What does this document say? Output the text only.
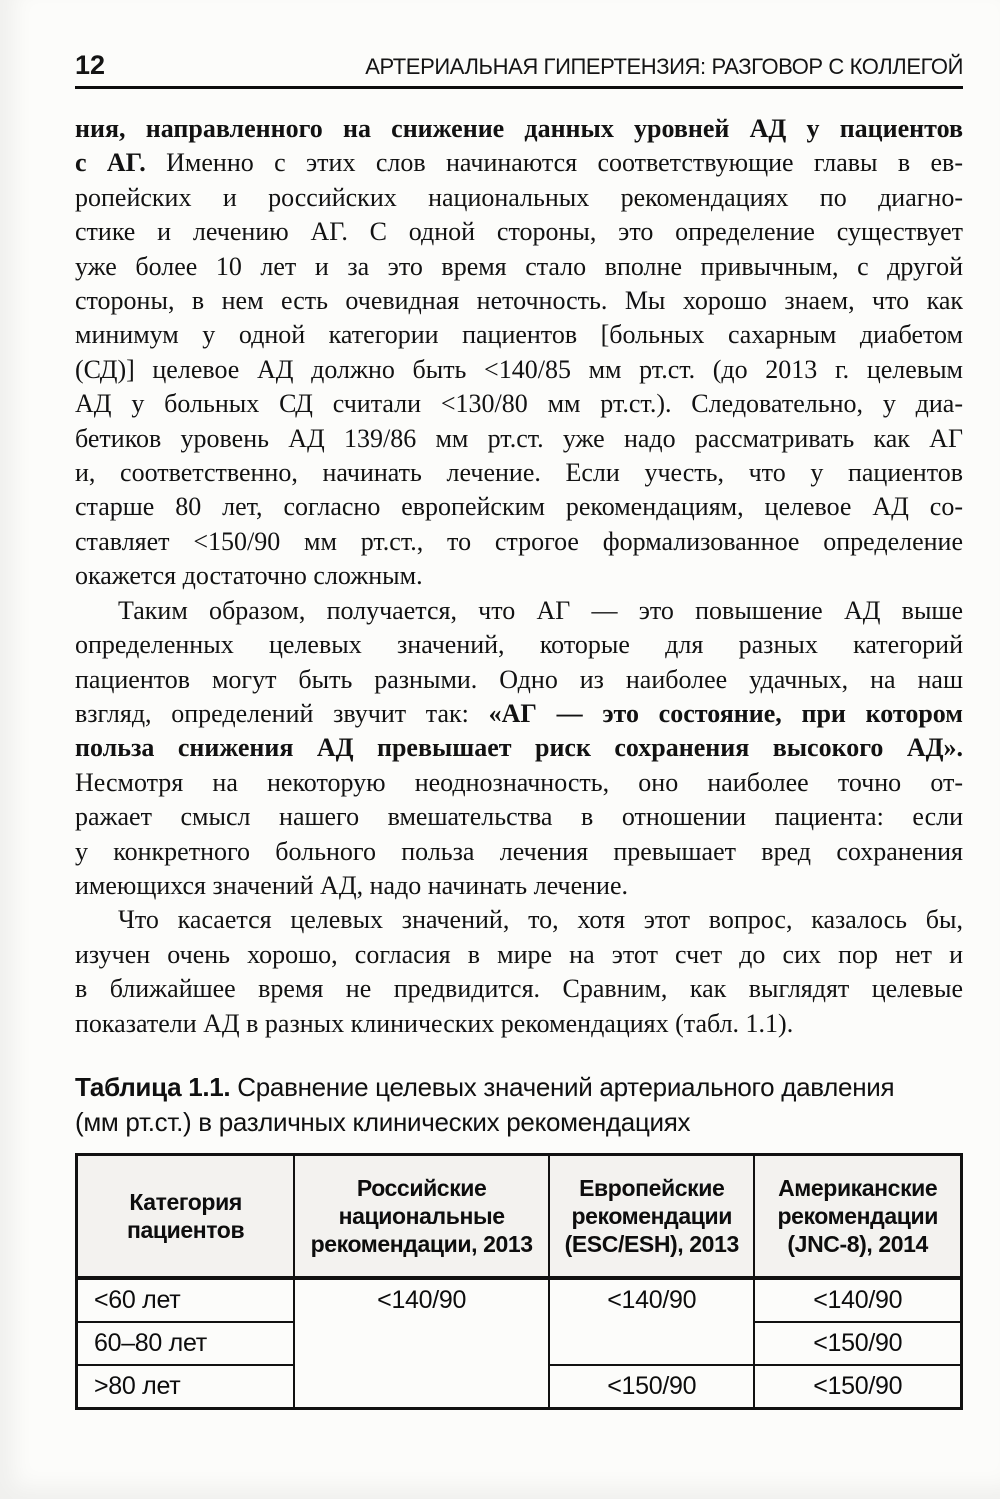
12	АРТЕРИАЛЬНАЯ ГИПЕРТЕНЗИЯ: РАЗГОВОР С КОЛЛЕГОЙ
ния, направленного на снижение данных уровней АД у пациентов
с АГ. Именно с этих слов начинаются соответствующие главы в ев-
ропейских и российских национальных рекомендациях по диагно-
стике и лечению АГ. С одной стороны, это определение существует
уже более 10 лет и за это время стало вполне привычным, с другой
стороны, в нем есть очевидная неточность. Мы хорошо знаем, что как
минимум у одной категории пациентов [больных сахарным диабетом
(СД)] целевое АД должно быть <140/85 мм рт.ст. (до 2013 г. целевым
АД у больных СД считали <130/80 мм рт.ст.). Следовательно, у диа-
бетиков уровень АД 139/86 мм рт.ст. уже надо рассматривать как АГ
и, соответственно, начинать лечение. Если учесть, что у пациентов
старше 80 лет, согласно европейским рекомендациям, целевое АД со-
ставляет <150/90 мм рт.ст., то строгое формализованное определение
окажется достаточно сложным.
Таким образом, получается, что АГ — это повышение АД выше
определенных целевых значений, которые для разных категорий
пациентов могут быть разными. Одно из наиболее удачных, на наш
взгляд, определений звучит так: «АГ — это состояние, при котором
польза снижения АД превышает риск сохранения высокого АД».
Несмотря на некоторую неоднозначность, оно наиболее точно от-
ражает смысл нашего вмешательства в отношении пациента: если
у конкретного больного польза лечения превышает вред сохранения
имеющихся значений АД, надо начинать лечение.
Что касается целевых значений, то, хотя этот вопрос, казалось бы,
изучен очень хорошо, согласия в мире на этот счет до сих пор нет и
в ближайшее время не предвидится. Сравним, как выглядят целевые
показатели АД в разных клинических рекомендациях (табл. 1.1).
Таблица 1.1. Сравнение целевых значений артериального давления
(мм рт.ст.) в различных клинических рекомендациях
Категория пациентов	Российские национальные рекомендации, 2013	Европейские рекомендации (ESC/ESH), 2013	Американские рекомендации (JNC-8), 2014
<60 лет	<140/90	<140/90	<140/90
60–80 лет			<150/90
>80 лет		<150/90	<150/90
